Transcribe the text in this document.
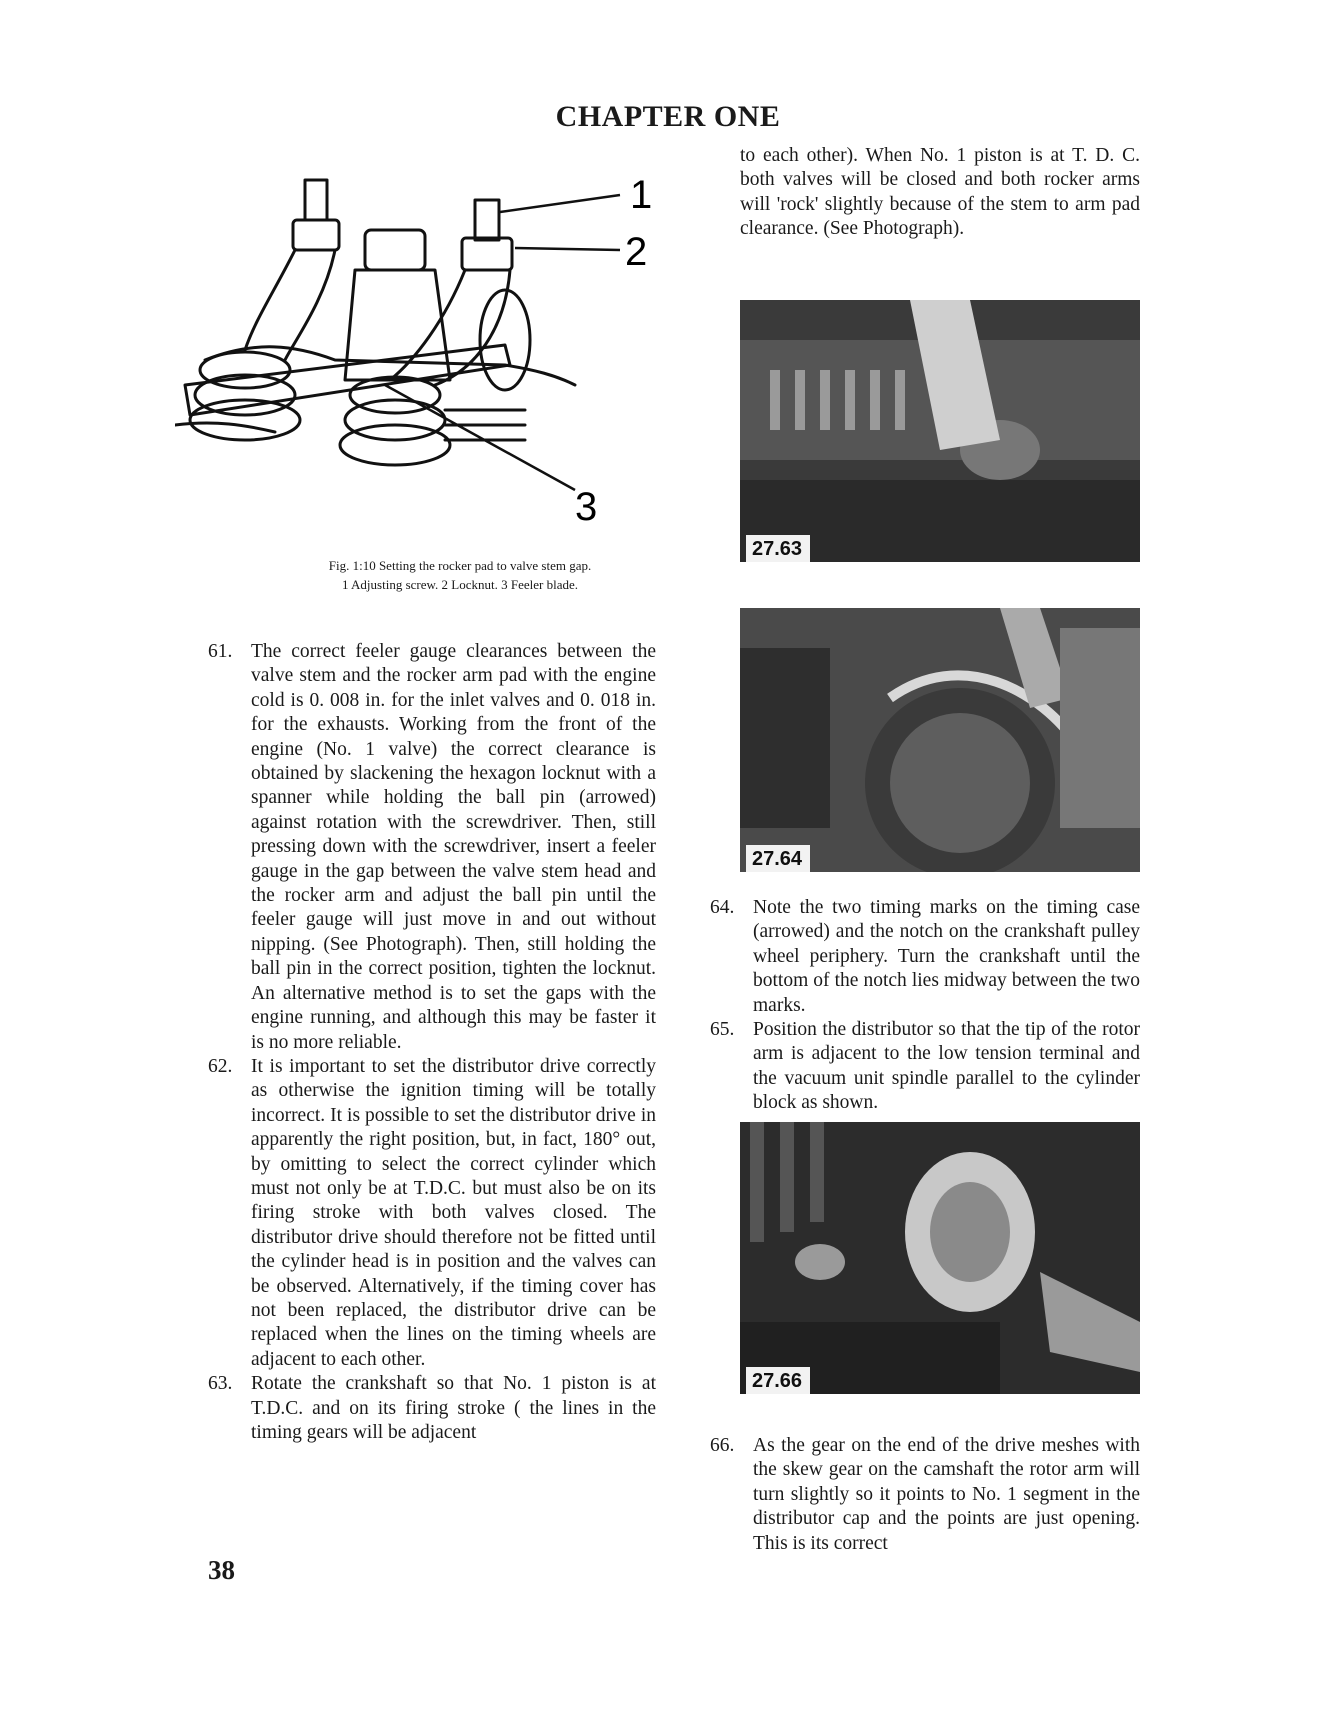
CHAPTER ONE
1
2
3
Fig. 1:10 Setting the rocker pad to valve stem gap.
1 Adjusting screw. 2 Locknut. 3 Feeler blade.
to each other). When No. 1 piston is at T. D. C. both valves will be closed and both rocker arms will 'rock' slightly because of the stem to arm pad clearance. (See Photograph).
27.63
27.64
64. Note the two timing marks on the timing case (arrowed) and the notch on the crankshaft pulley wheel periphery. Turn the crankshaft until the bottom of the notch lies midway between the two marks.
65. Position the distributor so that the tip of the rotor arm is adjacent to the low tension terminal and the vacuum unit spindle parallel to the cylinder block as shown.
27.66
66. As the gear on the end of the drive meshes with the skew gear on the camshaft the rotor arm will turn slightly so it points to No. 1 segment in the distributor cap and the points are just opening. This is its correct
61. The correct feeler gauge clearances between the valve stem and the rocker arm pad with the engine cold is 0. 008 in. for the inlet valves and 0. 018 in. for the exhausts. Working from the front of the engine (No. 1 valve) the correct clearance is obtained by slackening the hexagon locknut with a spanner while holding the ball pin (arrowed) against rotation with the screwdriver. Then, still pressing down with the screwdriver, insert a feeler gauge in the gap between the valve stem head and the rocker arm and adjust the ball pin until the feeler gauge will just move in and out without nipping. (See Photograph). Then, still holding the ball pin in the correct position, tighten the locknut. An alternative method is to set the gaps with the engine running, and although this may be faster it is no more reliable.
62. It is important to set the distributor drive correctly as otherwise the ignition timing will be totally incorrect. It is possible to set the distributor drive in apparently the right position, but, in fact, 180° out, by omitting to select the correct cylinder which must not only be at T.D.C. but must also be on its firing stroke with both valves closed. The distributor drive should therefore not be fitted until the cylinder head is in position and the valves can be observed. Alternatively, if the timing cover has not been replaced, the distributor drive can be replaced when the lines on the timing wheels are adjacent to each other.
63. Rotate the crankshaft so that No. 1 piston is at T.D.C. and on its firing stroke ( the lines in the timing gears will be adjacent
38
